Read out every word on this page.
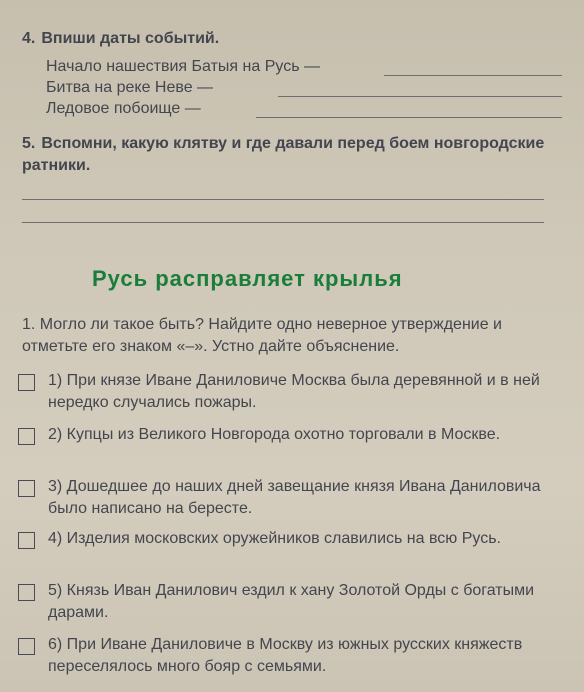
4. Впиши даты событий.
Начало нашествия Батыя на Русь —
Битва на реке Неве —
Ледовое побоище —
5. Вспомни, какую клятву и где давали перед боем новгородские ратники.
Русь расправляет крылья
1. Могло ли такое быть? Найдите одно неверное утверждение и отметьте его знаком «–». Устно дайте объяснение.
1) При князе Иване Даниловиче Москва была деревянной и в ней нередко случались пожары.
2) Купцы из Великого Новгорода охотно торговали в Москве.
3) Дошедшее до наших дней завещание князя Ивана Даниловича было написано на бересте.
4) Изделия московских оружейников славились на всю Русь.
5) Князь Иван Данилович ездил к хану Золотой Орды с богатыми дарами.
6) При Иване Даниловиче в Москву из южных русских княжеств переселялось много бояр с семьями.
